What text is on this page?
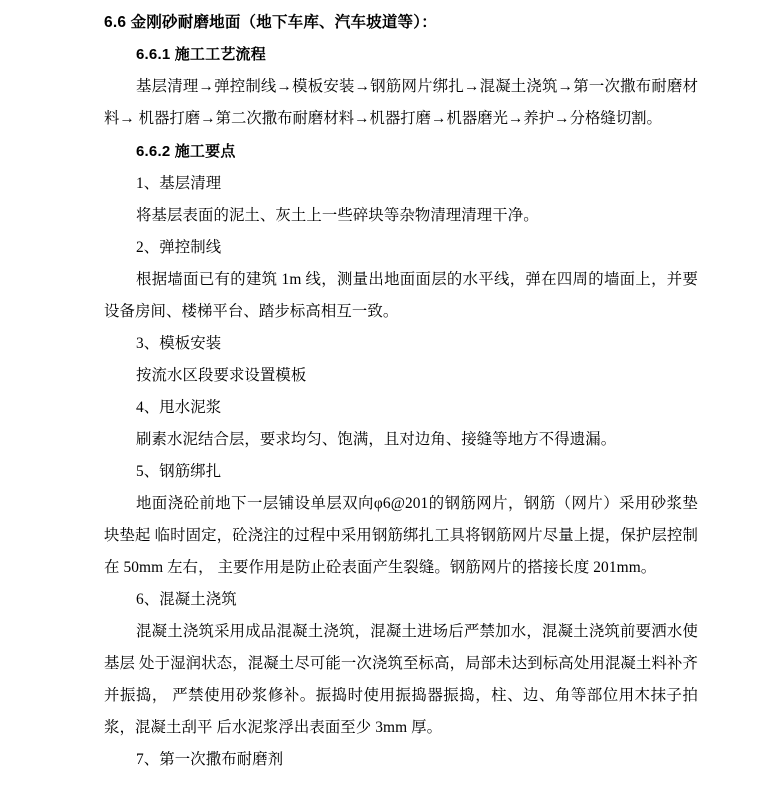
6.6 金刚砂耐磨地面（地下车库、汽车坡道等）：
6.6.1 施工工艺流程

基层清理→弹控制线→模板安装→钢筋网片绑扎→混凝土浇筑→第一次撒布耐磨材料→ 机器打磨→第二次撒布耐磨材料→机器打磨→机器磨光→养护→分格缝切割。

6.6.2 施工要点

1、基层清理

将基层表面的泥土、灰土上一些碎块等杂物清理清理干净。

2、弹控制线

根据墙面已有的建筑 1m 线，测量出地面面层的水平线，弹在四周的墙面上，并要设备房间、楼梯平台、踏步标高相互一致。

3、模板安装

按流水区段要求设置模板

4、甩水泥浆

刷素水泥结合层，要求均匀、饱满，且对边角、接缝等地方不得遗漏。

5、钢筋绑扎

地面浇砼前地下一层铺设单层双向φ6@201的钢筋网片，钢筋（网片）采用砂浆垫块垫起 临时固定，砼浇注的过程中采用钢筋绑扎工具将钢筋网片尽量上提，保护层控制在 50mm 左右， 主要作用是防止砼表面产生裂缝。钢筋网片的搭接长度 201mm。

6、混凝土浇筑

混凝土浇筑采用成品混凝土浇筑，混凝土进场后严禁加水，混凝土浇筑前要洒水使基层 处于湿润状态，混凝土尽可能一次浇筑至标高，局部未达到标高处用混凝土料补齐并振捣， 严禁使用砂浆修补。振捣时使用振捣器振捣，柱、边、角等部位用木抹子拍浆，混凝土刮平 后水泥浆浮出表面至少 3mm 厚。

7、第一次撒布耐磨剂
